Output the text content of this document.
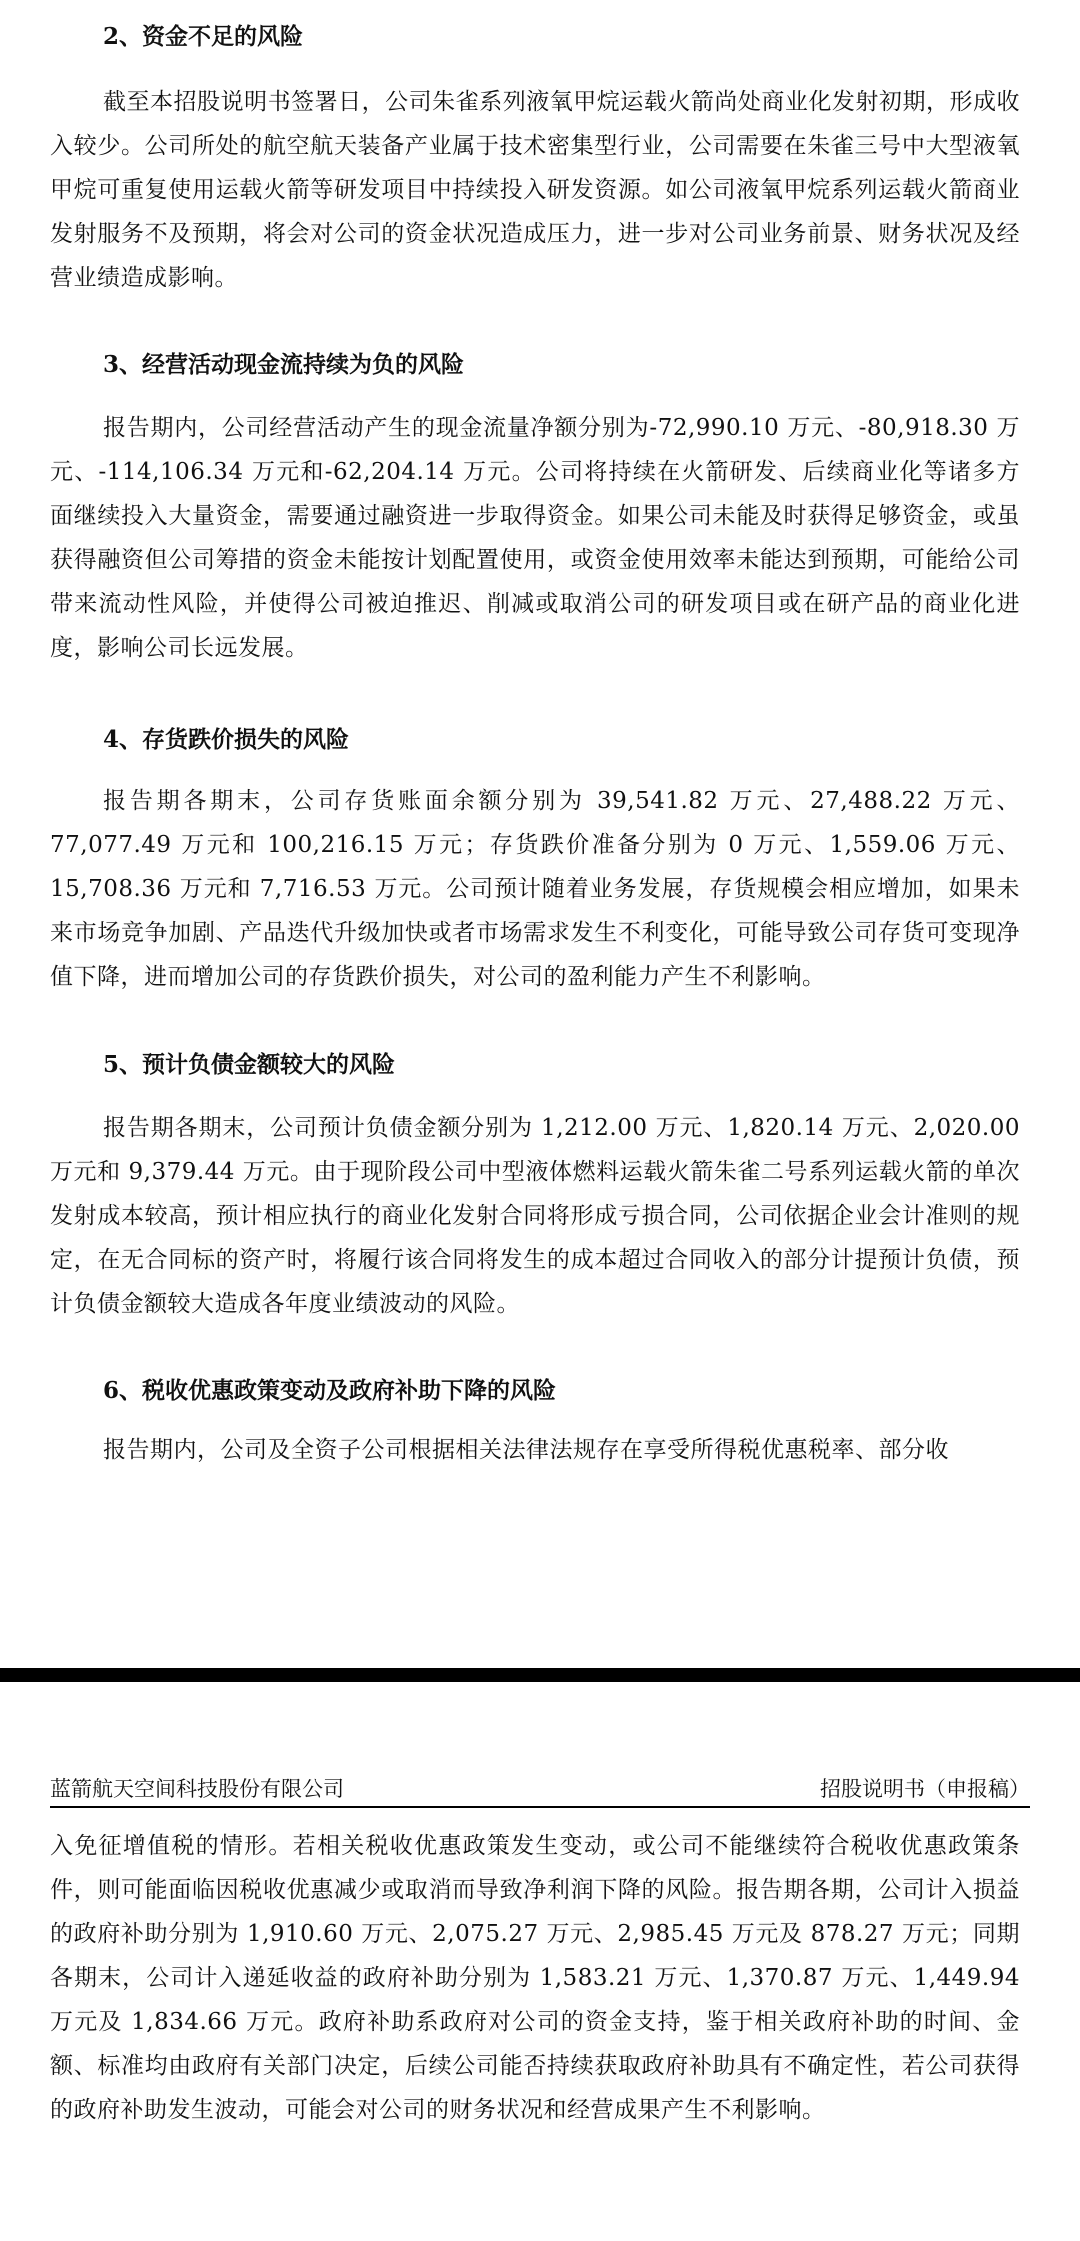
2、资金不足的风险
截至本招股说明书签署日，公司朱雀系列液氧甲烷运载火箭尚处商业化发射初期，形成收入较少。公司所处的航空航天装备产业属于技术密集型行业，公司需要在朱雀三号中大型液氧甲烷可重复使用运载火箭等研发项目中持续投入研发资源。如公司液氧甲烷系列运载火箭商业发射服务不及预期，将会对公司的资金状况造成压力，进一步对公司业务前景、财务状况及经营业绩造成影响。
3、经营活动现金流持续为负的风险
报告期内，公司经营活动产生的现金流量净额分别为-72,990.10 万元、-80,918.30 万元、-114,106.34 万元和-62,204.14 万元。公司将持续在火箭研发、后续商业化等诸多方面继续投入大量资金，需要通过融资进一步取得资金。如果公司未能及时获得足够资金，或虽获得融资但公司筹措的资金未能按计划配置使用，或资金使用效率未能达到预期，可能给公司带来流动性风险，并使得公司被迫推迟、削减或取消公司的研发项目或在研产品的商业化进度，影响公司长远发展。
4、存货跌价损失的风险
报告期各期末，公司存货账面余额分别为 39,541.82 万元、27,488.22 万元、77,077.49 万元和 100,216.15 万元；存货跌价准备分别为 0 万元、1,559.06 万元、15,708.36 万元和 7,716.53 万元。公司预计随着业务发展，存货规模会相应增加，如果未来市场竞争加剧、产品迭代升级加快或者市场需求发生不利变化，可能导致公司存货可变现净值下降，进而增加公司的存货跌价损失，对公司的盈利能力产生不利影响。
5、预计负债金额较大的风险
报告期各期末，公司预计负债金额分别为 1,212.00 万元、1,820.14 万元、2,020.00 万元和 9,379.44 万元。由于现阶段公司中型液体燃料运载火箭朱雀二号系列运载火箭的单次发射成本较高，预计相应执行的商业化发射合同将形成亏损合同，公司依据企业会计准则的规定，在无合同标的资产时，将履行该合同将发生的成本超过合同收入的部分计提预计负债，预计负债金额较大造成各年度业绩波动的风险。
6、税收优惠政策变动及政府补助下降的风险
报告期内，公司及全资子公司根据相关法律法规存在享受所得税优惠税率、部分收
蓝箭航天空间科技股份有限公司	招股说明书（申报稿）
入免征增值税的情形。若相关税收优惠政策发生变动，或公司不能继续符合税收优惠政策条件，则可能面临因税收优惠减少或取消而导致净利润下降的风险。报告期各期，公司计入损益的政府补助分别为 1,910.60 万元、2,075.27 万元、2,985.45 万元及 878.27 万元；同期各期末，公司计入递延收益的政府补助分别为 1,583.21 万元、1,370.87 万元、1,449.94 万元及 1,834.66 万元。政府补助系政府对公司的资金支持，鉴于相关政府补助的时间、金额、标准均由政府有关部门决定，后续公司能否持续获取政府补助具有不确定性，若公司获得的政府补助发生波动，可能会对公司的财务状况和经营成果产生不利影响。
